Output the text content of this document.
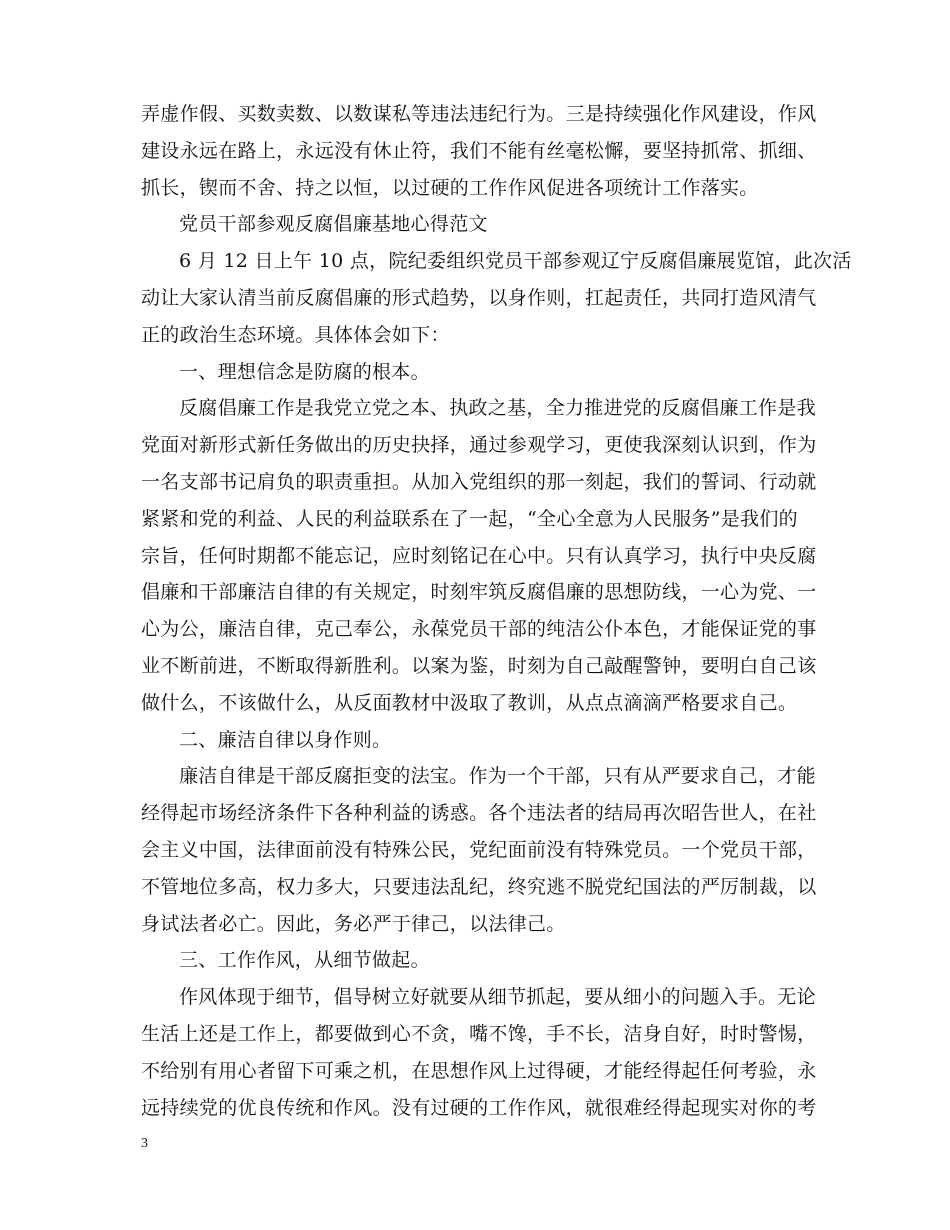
弄虚作假、买数卖数、以数谋私等违法违纪行为。三是持续强化作风建设，作风
建设永远在路上，永远没有休止符，我们不能有丝毫松懈，要坚持抓常、抓细、
抓长，锲而不舍、持之以恒，以过硬的工作作风促进各项统计工作落实。
党员干部参观反腐倡廉基地心得范文
6 月 12 日上午 10 点，院纪委组织党员干部参观辽宁反腐倡廉展览馆，此次活
动让大家认清当前反腐倡廉的形式趋势，以身作则，扛起责任，共同打造风清气
正的政治生态环境。具体体会如下：
一、理想信念是防腐的根本。
反腐倡廉工作是我党立党之本、执政之基，全力推进党的反腐倡廉工作是我
党面对新形式新任务做出的历史抉择，通过参观学习，更使我深刻认识到，作为
一名支部书记肩负的职责重担。从加入党组织的那一刻起，我们的誓词、行动就
紧紧和党的利益、人民的利益联系在了一起，“全心全意为人民服务”是我们的
宗旨，任何时期都不能忘记，应时刻铭记在心中。只有认真学习，执行中央反腐
倡廉和干部廉洁自律的有关规定，时刻牢筑反腐倡廉的思想防线，一心为党、一
心为公，廉洁自律，克己奉公，永葆党员干部的纯洁公仆本色，才能保证党的事
业不断前进，不断取得新胜利。以案为鉴，时刻为自己敲醒警钟，要明白自己该
做什么，不该做什么，从反面教材中汲取了教训，从点点滴滴严格要求自己。
二、廉洁自律以身作则。
廉洁自律是干部反腐拒变的法宝。作为一个干部，只有从严要求自己，才能
经得起市场经济条件下各种利益的诱惑。各个违法者的结局再次昭告世人，在社
会主义中国，法律面前没有特殊公民，党纪面前没有特殊党员。一个党员干部，
不管地位多高，权力多大，只要违法乱纪，终究逃不脱党纪国法的严厉制裁，以
身试法者必亡。因此，务必严于律己，以法律己。
三、工作作风，从细节做起。
作风体现于细节，倡导树立好就要从细节抓起，要从细小的问题入手。无论
生活上还是工作上，都要做到心不贪，嘴不馋，手不长，洁身自好，时时警惕，
不给别有用心者留下可乘之机，在思想作风上过得硬，才能经得起任何考验，永
远持续党的优良传统和作风。没有过硬的工作作风，就很难经得起现实对你的考
3
